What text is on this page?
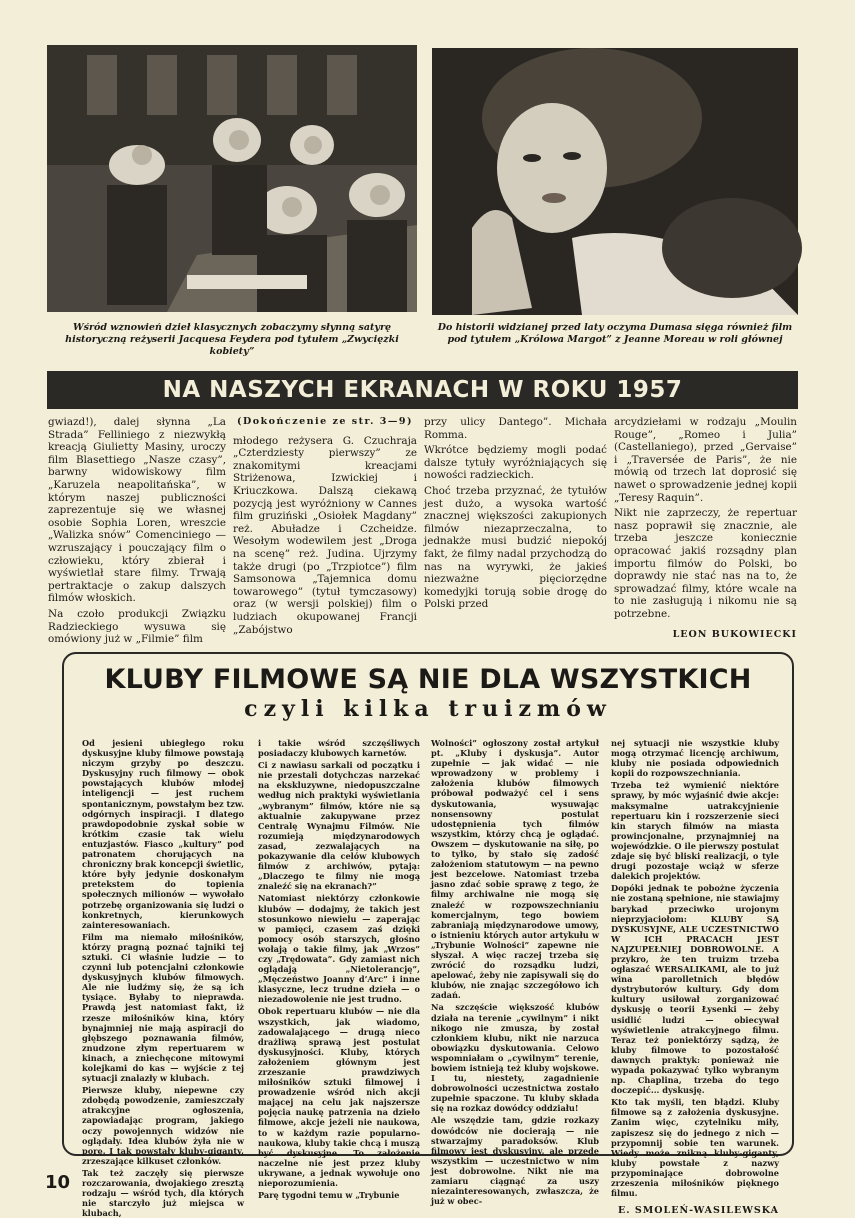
Wśród wznowień dzieł klasycznych zobaczymy słynną satyrę historyczną reżyserii Jacquesa Feydera pod tytułem „Zwycięzki kobiety”
Do historii widzianej przed laty oczyma Dumasa sięga również film pod tytułem „Królowa Margot” z Jeanne Moreau w roli głównej
NA NASZYCH EKRANACH W ROKU 1957

gwiazd!), dalej słynna „La Strada” Felliniego z niezwykłą kreacją Giulietty Masiny, uroczy film Blasettiego „Nasze czasy”, barwny widowiskowy film „Karuzela neapolitańska”, w którym naszej publiczności zaprezentuje się we własnej osobie Sophia Loren, wreszcie „Walizka snów” Comenciniego — wzruszający i pouczający film o człowieku, który zbierał i wyświetlał stare filmy. Trwają pertraktacje o zakup dalszych filmów włoskich.

Na czoło produkcji Związku Radzieckiego wysuwa się omówiony już w „Filmie” film

(Dokończenie ze str. 3—9)

młodego reżysera G. Czuchraja „Czterdziesty pierwszy” ze znakomitymi kreacjami Striżenowa, Izwickiej i Kriuczkowa. Dalszą ciekawą pozycją jest wyróżniony w Cannes film gruziński „Osiołek Magdany” reż. Abuładze i Czcheidze. Wesołym wodewilem jest „Droga na scenę” reż. Judina. Ujrzymy także drugi (po „Trzpiotce”) film Samsonowa „Tajemnica domu towarowego” (tytuł tymczasowy) oraz (w wersji polskiej) film o ludziach okupowanej Francji „Zabójstwo

przy ulicy Dantego”. Michała Romma.

Wkrótce będziemy mogli podać dalsze tytuły wyróżniających się nowości radzieckich.

Choć trzeba przyznać, że tytułów jest dużo, a wysoka wartość znacznej większości zakupionych filmów niezaprzeczalna, to jednakże musi budzić niepokój fakt, że filmy nadal przychodzą do nas na wyrywki, że jakieś niezważne pięciorzędne komedyjki torują sobie drogę do Polski przed

arcydziełami w rodzaju „Moulin Rouge”, „Romeo i Julia” (Castellaniego), przed „Gervaise” i „Traversée de Paris”, że nie mówią od trzech lat doprosić się nawet o sprowadzenie jednej kopii „Teresy Raquin”.

Nikt nie zaprzeczy, że repertuar nasz poprawił się znacznie, ale trzeba jeszcze koniecznie opracować jakiś rozsądny plan importu filmów do Polski, bo doprawdy nie stać nas na to, że sprowadzać filmy, które wcale na to nie zasługują i nikomu nie są potrzebne.

LEON BUKOWIECKI
KLUBY FILMOWE SĄ NIE DLA WSZYSTKICH
czyli kilka truizmów

Od jesieni ubiegłego roku dyskusyjne kluby filmowe powstają niczym grzyby po deszczu. Dyskusyjny ruch filmowy — obok powstających klubów młodej inteligencji — jest ruchem spontanicznym, powstałym bez tzw. odgórnych inspiracji. I dlatego prawdopodobnie zyskał sobie w krótkim czasie tak wielu entuzjastów. Fiasco „kultury” pod patronatem chorujących na chroniczny brak koncepcji świetlic, które były jedynie doskonałym pretekstem do topienia społecznych milionów — wywołało potrzebę organizowania się ludzi o konkretnych, kierunkowych zainteresowaniach.

Film ma niemało miłośników, którzy pragną poznać tajniki tej sztuki. Ci właśnie ludzie — to czynni lub potencjalni członkowie dyskusyjnych klubów filmowych. Ale nie ludźmy się, że są ich tysiące. Byłaby to nieprawda. Prawdą jest natomiast fakt, iż rzesze miłośników kina, który bynajmniej nie mają aspiracji do głębszego poznawania filmów, znudzone złym repertuarem w kinach, a zniechęcone mitowymi kolejkami do kas — wyjście z tej sytuacji znalazły w klubach.

Pierwsze kluby, niepewne czy zdobędą powodzenie, zamieszczały atrakcyjne ogłoszenia, zapowiadając program, jakiego oczy powojennych widzów nie oglądały. Idea klubów żyła nie w porę. I tak powstały kluby-giganty, zrzeszające kilkuset członków.

Tak też zaczęły się pierwsze rozczarowania, dwojakiego zresztą rodzaju — wśród tych, dla których nie starczyło już miejsca w klubach,

i takie wśród szczęśliwych posiadaczy klubowych karnetów.

Ci z nawiasu sarkali od początku i nie przestali dotychczas narzekać na ekskluzywne, niedopuszczalne według nich praktyki wyświetlania „wybranym” filmów, które nie są aktualnie zakupywane przez Centralę Wynajmu Filmów. Nie rozumieją międzynarodowych zasad, zezwalających na pokazywanie dla celów klubowych filmów z archiwów, pytają: „Dlaczego te filmy nie mogą znaleźć się na ekranach?”

Natomiast niektórzy członkowie klubów — dodajmy, że takich jest stosunkowo niewielu — zaperając w pamięci, czasem zaś dzięki pomocy osób starszych, głośno wołają o takie filmy, jak „Wrzos” czy „Trędowata”. Gdy zamiast nich oglądają „Nietolerancję”, „Męczeństwo Joanny d’Arc” i inne klasyczne, lecz trudne dzieła — o niezadowolenie nie jest trudno.

Obok repertuaru klubów — nie dla wszystkich, jak wiadomo, zadowalającego — drugą nieco drażliwą sprawą jest postulat dyskusyjności. Kluby, których założeniem głównym jest zrzeszanie prawdziwych miłośników sztuki filmowej i prowadzenie wśród nich akcji mającej na celu jak najszersze pojęcia naukę patrzenia na dzieło filmowe, akcje jeżeli nie naukowa, to w każdym razie popularno-naukowa, kluby takie chcą i muszą być dyskusyjne. To założenie naczelne nie jest przez kluby ukrywane, a jednak wywołuje ono nieporozumienia.

Parę tygodni temu w „Trybunie

Wolności” ogłoszony został artykuł pt. „Kluby i dyskusja”. Autor zupełnie — jak widać — nie wprowadzony w problemy i założenia klubów filmowych próbował podważyć cel i sens dyskutowania, wysuwając nonsensowny postulat udostępnienia tych filmów wszystkim, którzy chcą je oglądać. Owszem — dyskutowanie na siłę, po to tylko, by stało się zadość założeniom statutowym — na pewno jest bezcelowe. Natomiast trzeba jasno zdać sobie sprawę z tego, że filmy archiwalne nie mogą się znaleźć w rozpowszechnianiu komercjalnym, tego bowiem zabraniają międzynarodowe umowy, o istnieniu których autor artykułu w „Trybunie Wolności” zapewne nie słyszał. A więc raczej trzeba się zwrócić do rozsądku ludzi, apelować, żeby nie zapisywali się do klubów, nie znając szczegółowo ich zadań.

Na szczęście większość klubów działa na terenie „cywilnym” i nikt nikogo nie zmusza, by został członkiem klubu, nikt nie narzuca obowiązku dyskutowania. Celowo wspomniałam o „cywilnym” terenie, bowiem istnieją też kluby wojskowe. I tu, niestety, zagadnienie dobrowolności uczestnictwa zostało zupełnie spaczone. Tu kluby składa się na rozkaz dowódcy oddziału!

Ale wszędzie tam, gdzie rozkazy dowódców nie docierają — nie stwarzajmy paradoksów. Klub filmowy jest dyskusyjny, ale przede wszystkim — uczestnictwo w nim jest dobrowolne. Nikt nie ma zamiaru ciągnąć za uszy niezainteresowanych, zwłaszcza, że już w obec-

nej sytuacji nie wszystkie kluby mogą otrzymać licencję archiwum, kluby nie posiada odpowiednich kopii do rozpowszechniania.

Trzeba też wymienić niektóre sprawy, by móc wyjaśnić dwie akcje: maksymalne uatrakcyjnienie repertuaru kin i rozszerzenie sieci kin starych filmów na miasta prowincjonalne, przynajmniej na wojewódzkie. O ile pierwszy postulat zdaje się być bliski realizacji, o tyle drugi pozostaje wciąż w sferze dalekich projektów.

Dopóki jednak te pobożne życzenia nie zostaną spełnione, nie stawiajmy barykad przeciwko urojonym nieprzyjaciołom: KLUBY SĄ DYSKUSYJNE, ALE UCZESTNICTWO W ICH PRACACH JEST NAJZUPEŁNIEJ DOBROWOLNE. A przykro, że ten truizm trzeba ogłaszać WERSALIKAMI, ale to już wina parolletnich błędów dystrybutorów kultury. Gdy dom kultury usiłował zorganizować dyskusję o teorii Łysenki — żeby usidlić ludzi — obiecywał wyświetlenie atrakcyjnego filmu. Teraz też poniektórzy sądzą, że kluby filmowe to pozostałość dawnych praktyk: ponieważ nie wypada pokazywać tylko wybranym np. Chaplina, trzeba do tego doczepić... dyskusję.

Kto tak myśli, ten błądzi. Kluby filmowe są z założenia dyskusyjne. Zanim więc, czytelniku miły, zapiszesz się do jednego z nich — przypomnij sobie ten warunek. Wiedy może znikną kluby-giganty, kluby powstałe z nazwy przypominające dobrowolne zrzeszenia miłośników pięknego filmu.

E. SMOLEŃ-WASILEWSKA
10
